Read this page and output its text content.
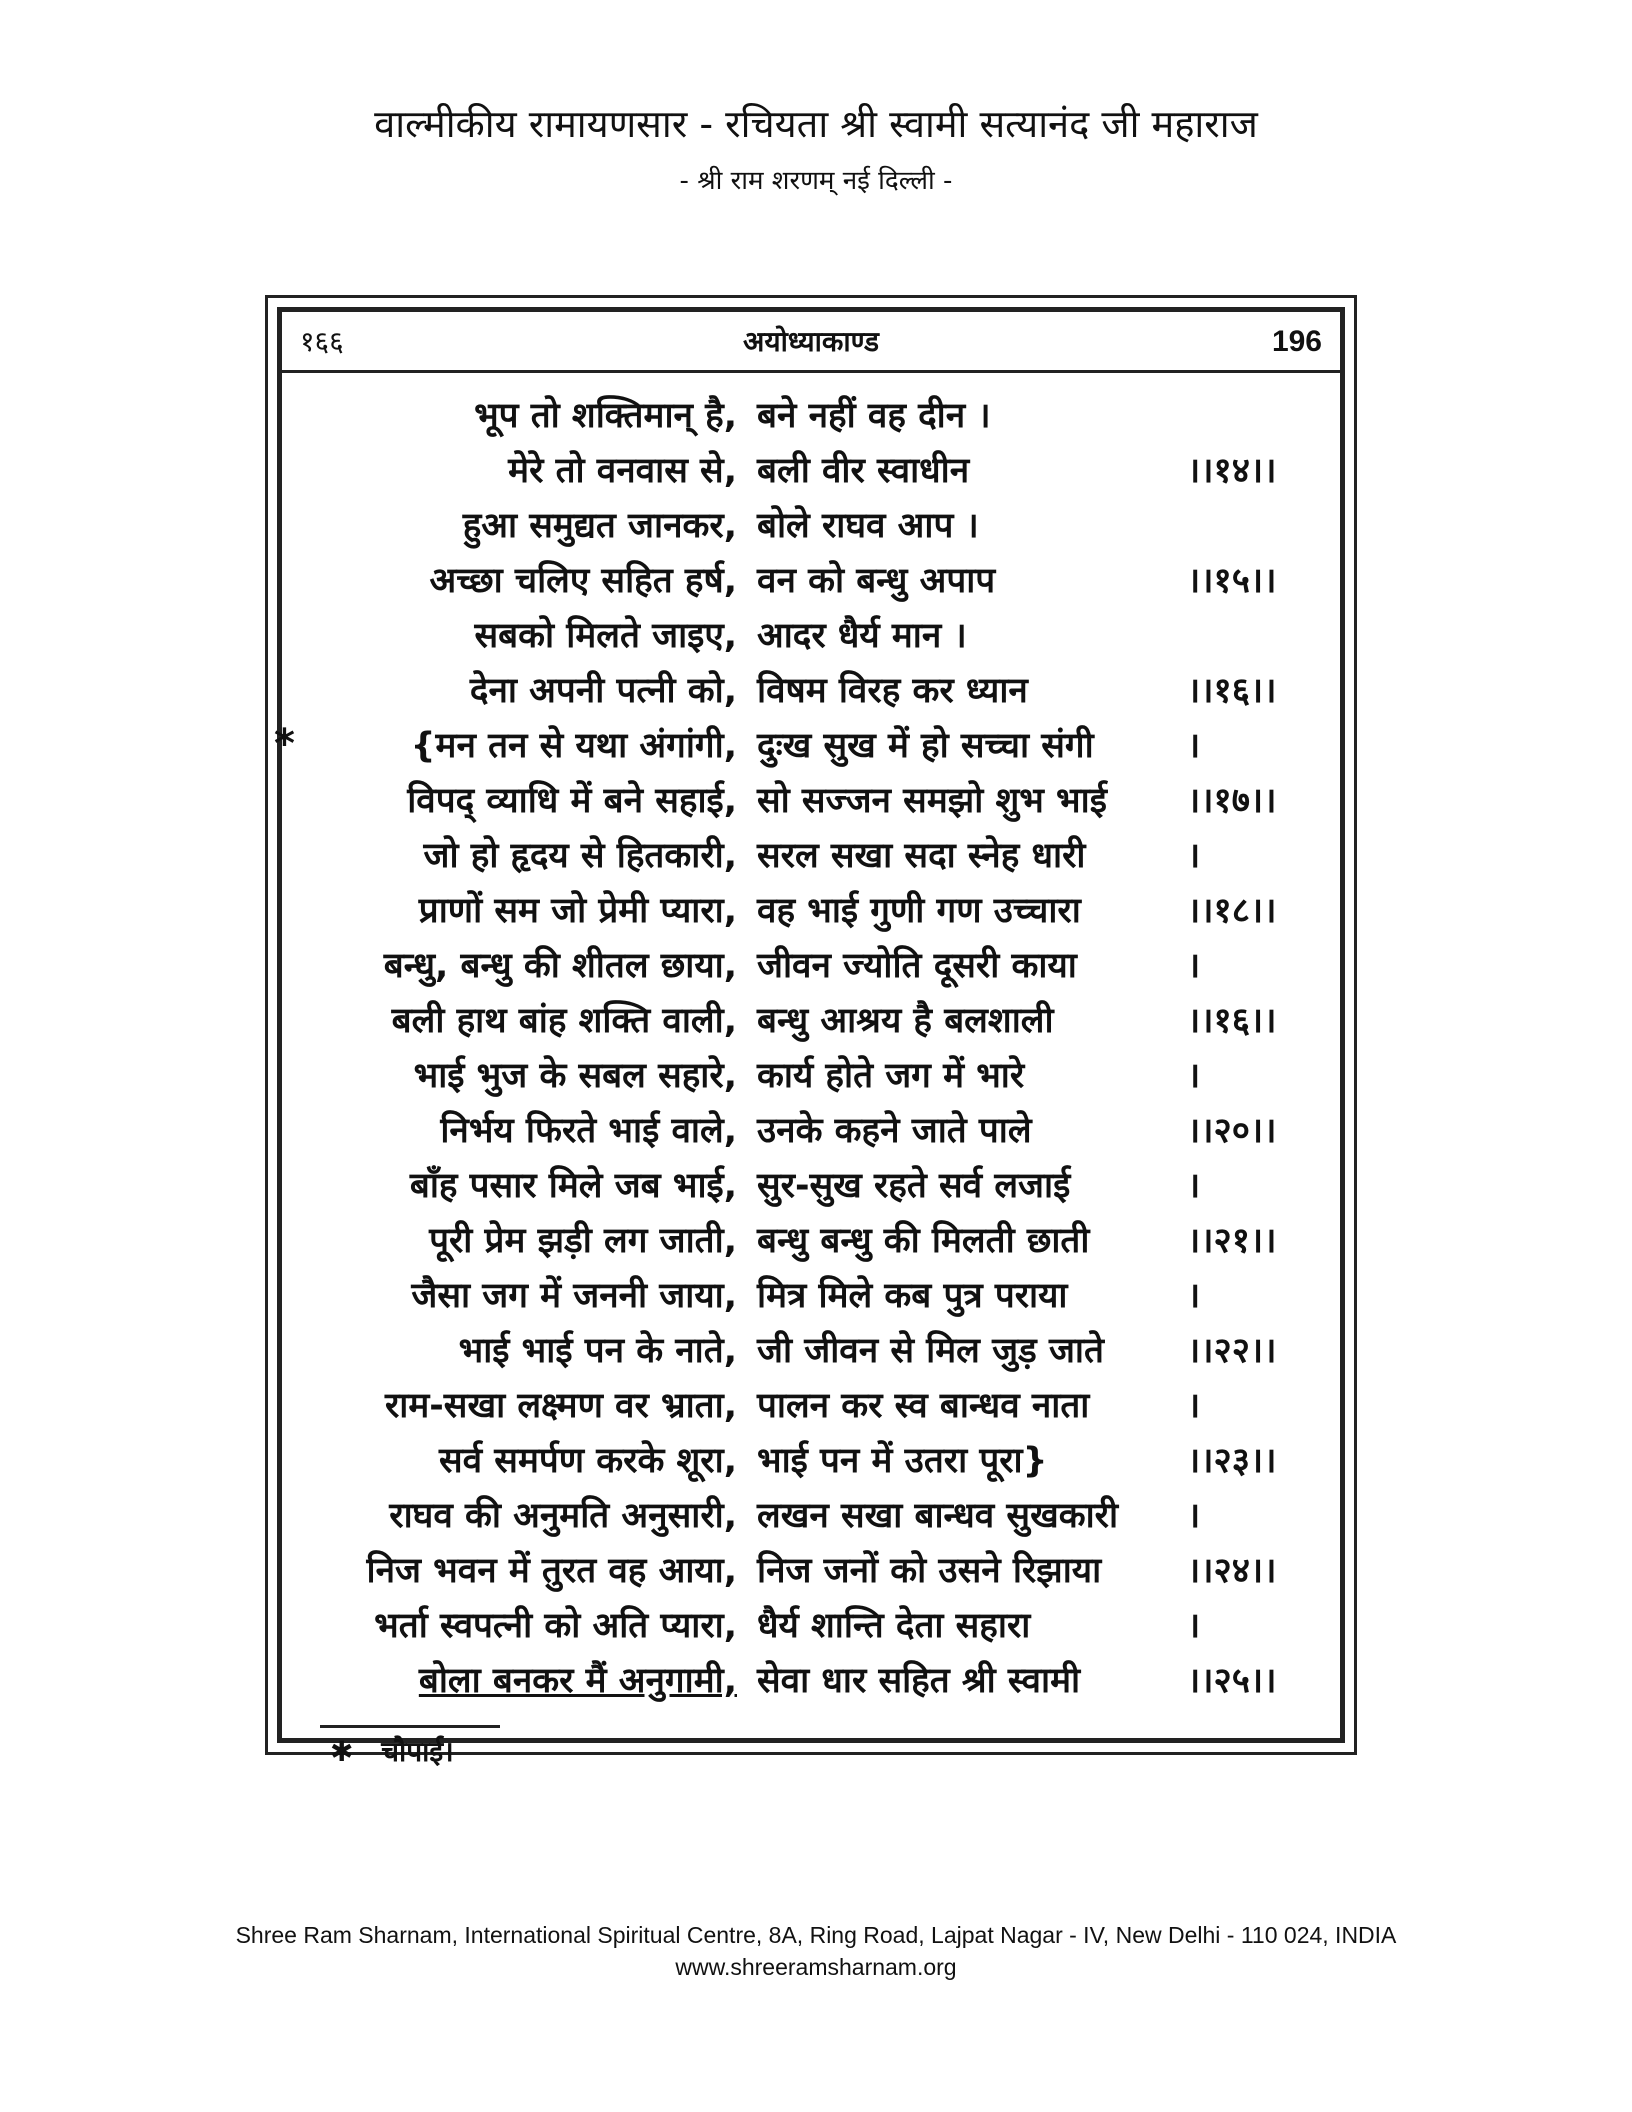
वाल्मीकीय रामायणसार - रचियता श्री स्वामी सत्यानंद जी महाराज
- श्री राम शरणम् नई दिल्ली -
१६६	अयोध्याकाण्ड	196
भूप तो शक्तिमान् है, बने नहीं वह दीन ।
मेरे तो वनवास से, बली वीर स्वाधीन	।।१४।।
हुआ समुद्यत जानकर, बोले राघव आप ।
अच्छा चलिए सहित हर्ष, वन को बन्धु अपाप	।।१५।।
सबको मिलते जाइए, आदर धैर्य मान ।
देना अपनी पत्नी को, विषम विरह कर ध्यान	।।१६।।
{मन तन से यथा अंगांगी, दुःख सुख में हो सच्चा संगी	।
*
विपद् व्याधि में बने सहाई, सो सज्जन समझो शुभ भाई	।।१७।।
जो हो हृदय से हितकारी, सरल सखा सदा स्नेह धारी	।
प्राणों सम जो प्रेमी प्यारा, वह भाई गुणी गण उच्चारा	।।१८।।
बन्धु, बन्धु की शीतल छाया, जीवन ज्योति दूसरी काया	।
बली हाथ बांह शक्ति वाली, बन्धु आश्रय है बलशाली	।।१६।।
भाई भुज के सबल सहारे, कार्य होते जग में भारे	।
निर्भय फिरते भाई वाले, उनके कहने जाते पाले	।।२०।।
बाँह पसार मिले जब भाई, सुर-सुख रहते सर्व लजाई	।
पूरी प्रेम झड़ी लग जाती, बन्धु बन्धु की मिलती छाती	।।२१।।
जैसा जग में जननी जाया, मित्र मिले कब पुत्र पराया	।
भाई भाई पन के नाते, जी जीवन से मिल जुड़ जाते	।।२२।।
राम-सखा लक्ष्मण वर भ्राता, पालन कर स्व बान्धव नाता	।
सर्व समर्पण करके शूरा, भाई पन में उतरा पूरा}	।।२३।।
राघव की अनुमति अनुसारी, लखन सखा बान्धव सुखकारी	।
निज भवन में तुरत वह आया, निज जनों को उसने रिझाया	।।२४।।
भर्ता स्वपत्नी को अति प्यारा, धैर्य शान्ति देता सहारा	।
बोला बनकर मैं अनुगामी, सेवा धार सहित श्री स्वामी	।।२५।।
✱ चौपाई।
Shree Ram Sharnam, International Spiritual Centre, 8A, Ring Road, Lajpat Nagar - IV, New Delhi - 110 024, INDIA
www.shreeramsharnam.org
